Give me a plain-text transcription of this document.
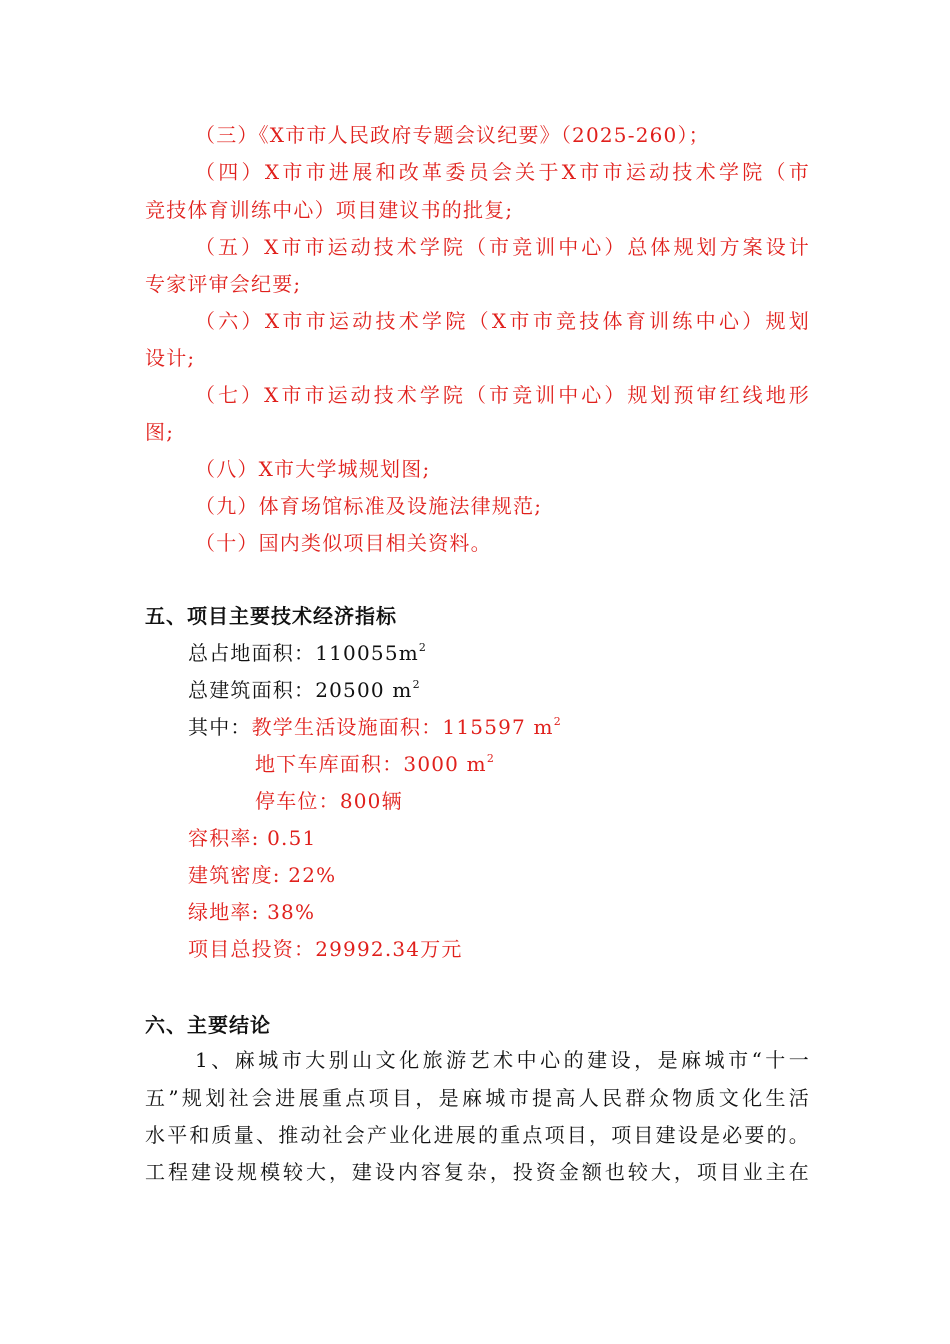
（三）《X市市人民政府专题会议纪要》（2025-260）；
（四）X市市进展和改革委员会关于X市市运动技术学院（市
竞技体育训练中心）项目建议书的批复;
（五）X市市运动技术学院（市竞训中心）总体规划方案设计
专家评审会纪要;
（六）X市市运动技术学院（X市市竞技体育训练中心）规划
设计;
（七）X市市运动技术学院（市竞训中心）规划预审红线地形
图;
（八）X市大学城规划图;
（九）体育场馆标准及设施法律规范;
（十）国内类似项目相关资料。
五、项目主要技术经济指标
总占地面积：$110055m^2$
总建筑面积：20500 $m^2$
其中：教学生活设施面积：115597 $m^2$
地下车库面积：3000 $m^2$
停车位：800辆
容积率: 0.51
建筑密度: 22%
绿地率: 38%
项目总投资：29992.34万元
六、主要结论
1、麻城市大别山文化旅游艺术中心的建设，是麻城市“十一
五”规划社会进展重点项目，是麻城市提高人民群众物质文化生活
水平和质量、推动社会产业化进展的重点项目，项目建设是必要的。
工程建设规模较大，建设内容复杂，投资金额也较大，项目业主在
